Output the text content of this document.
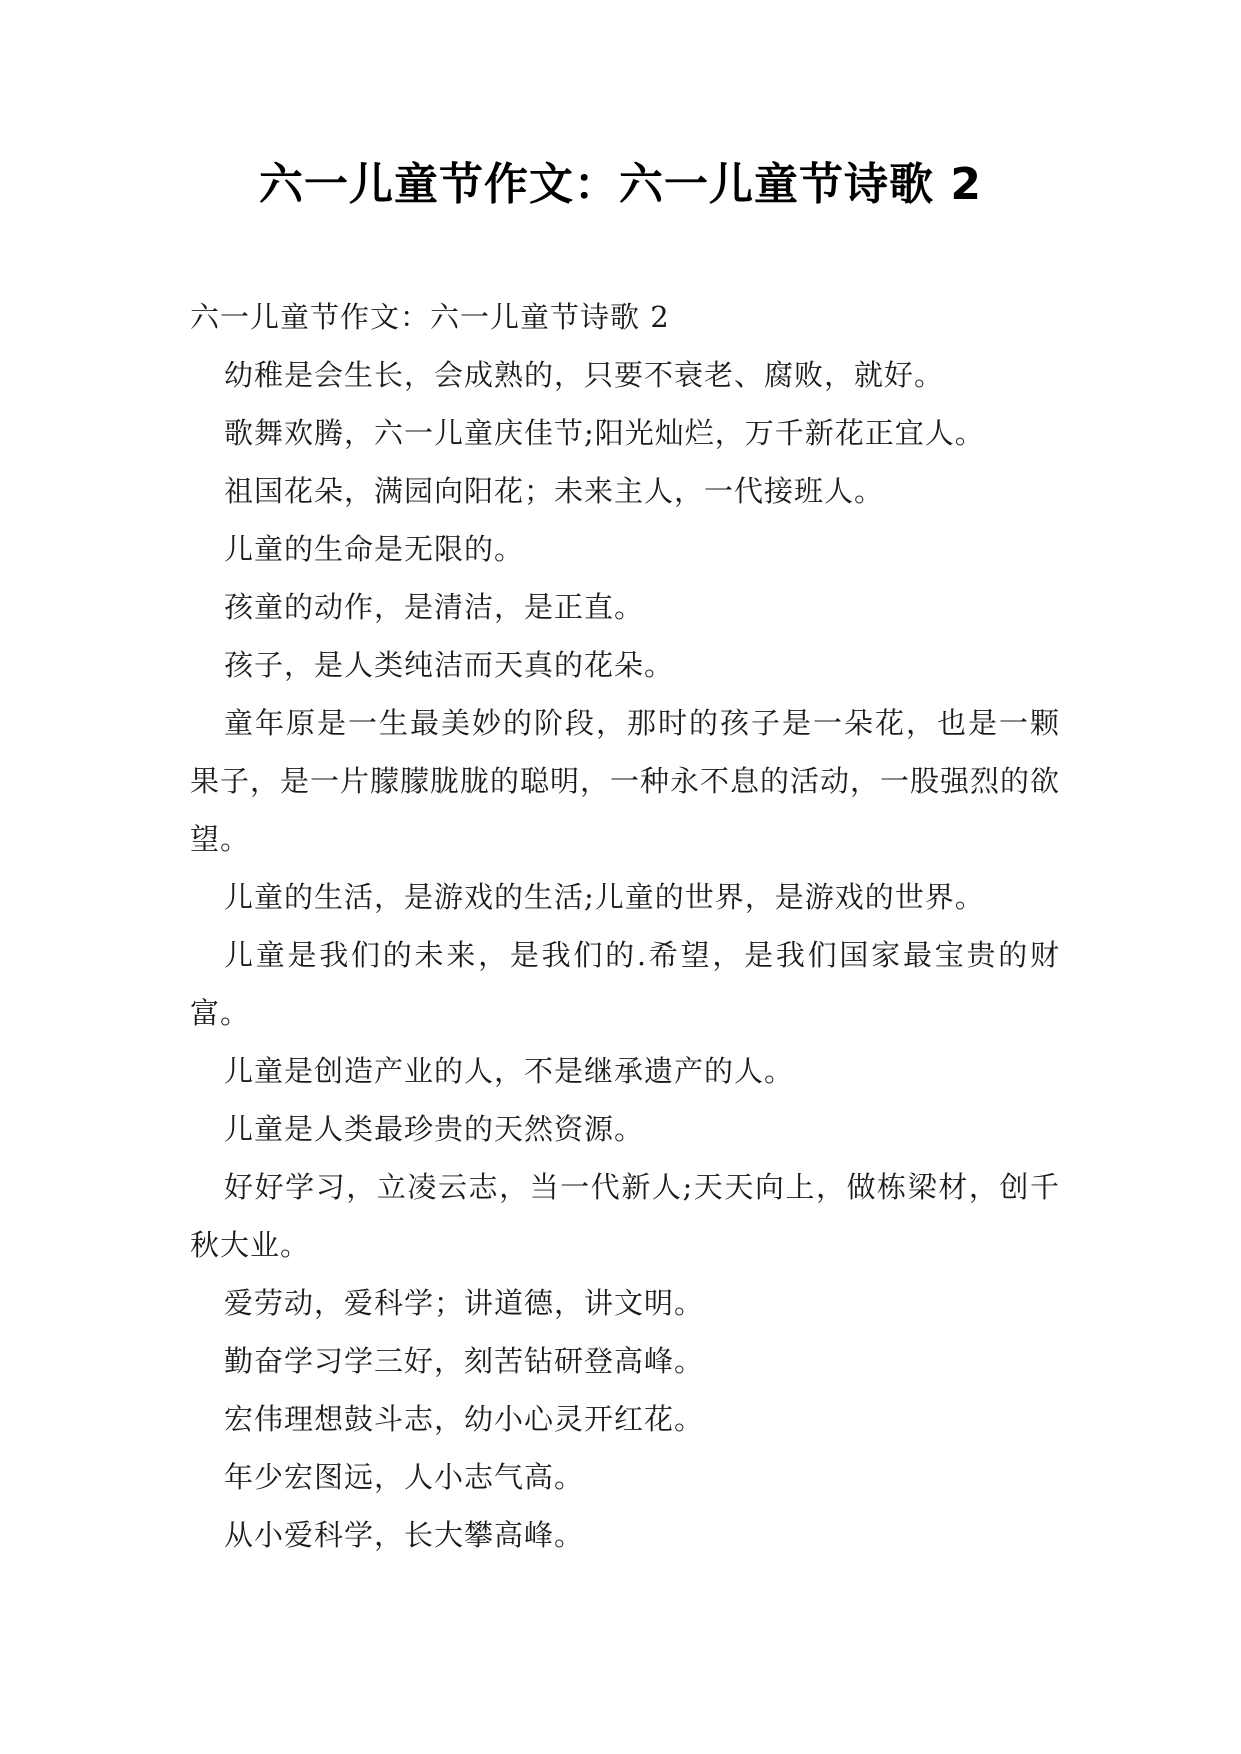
六一儿童节作文：六一儿童节诗歌 2

六一儿童节作文：六一儿童节诗歌 2

幼稚是会生长，会成熟的，只要不衰老、腐败，就好。

歌舞欢腾，六一儿童庆佳节;阳光灿烂，万千新花正宜人。

祖国花朵，满园向阳花；未来主人，一代接班人。

儿童的生命是无限的。

孩童的动作，是清洁，是正直。

孩子，是人类纯洁而天真的花朵。

童年原是一生最美妙的阶段，那时的孩子是一朵花，也是一颗果子，是一片朦朦胧胧的聪明，一种永不息的活动，一股强烈的欲望。

儿童的生活，是游戏的生活;儿童的世界，是游戏的世界。

儿童是我们的未来，是我们的.希望，是我们国家最宝贵的财富。

儿童是创造产业的人，不是继承遗产的人。

儿童是人类最珍贵的天然资源。

好好学习，立凌云志，当一代新人;天天向上，做栋梁材，创千秋大业。

爱劳动，爱科学；讲道德，讲文明。

勤奋学习学三好，刻苦钻研登高峰。

宏伟理想鼓斗志，幼小心灵开红花。

年少宏图远，人小志气高。

从小爱科学，长大攀高峰。
